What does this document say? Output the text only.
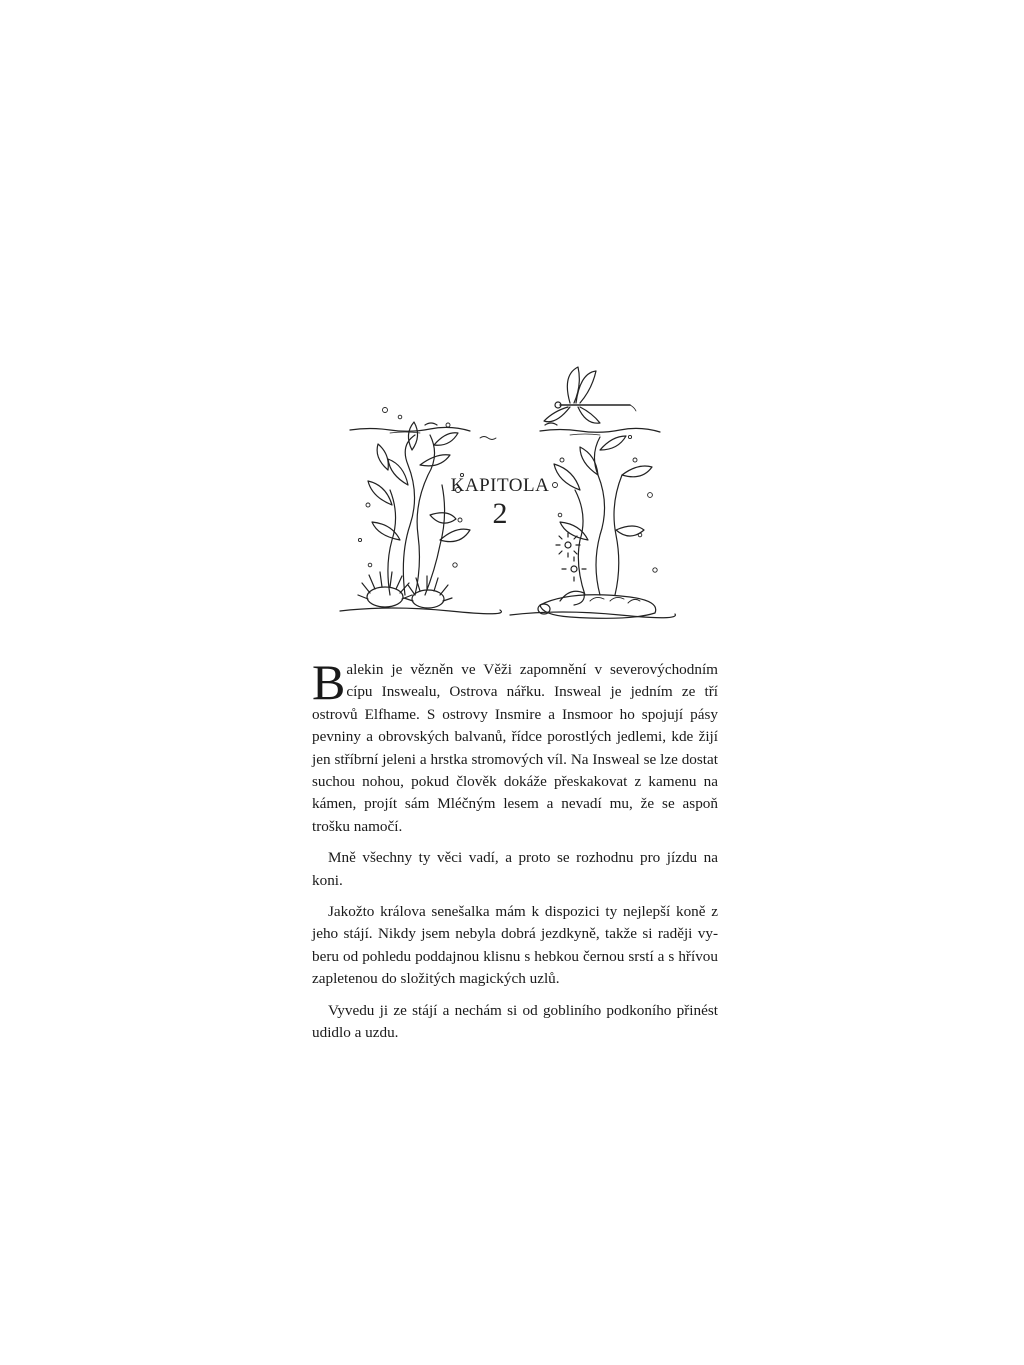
KAPITOLA
2

Balekin je vězněn ve Věži zapomnění v severovýchodním cípu Inswealu, Ostrova nářku. Insweal je jedním ze tří ostrovů Elfhame. S ostrovy Insmire a Insmoor ho spojují pásy pevniny a obrovských balvanů, řídce porostlých jedlemi, kde žijí jen stříbrní jeleni a hrstka stromových víl. Na Insweal se lze dostat suchou nohou, pokud člověk dokáže přeskakovat z kamenu na kámen, projít sám Mléčným lesem a nevadí mu, že se aspoň trošku namočí.

Mně všechny ty věci vadí, a proto se rozhodnu pro jízdu na koni.

Jakožto králova senešalka mám k dispozici ty nejlepší koně z jeho stájí. Nikdy jsem nebyla dobrá jezdkyně, takže si raději vyberu od pohledu poddajnou klisnu s hebkou černou srstí a s hřívou zapletenou do složitých magických uzlů.

Vyvedu ji ze stájí a nechám si od gobliního podkoního přinést udidlo a uzdu.
